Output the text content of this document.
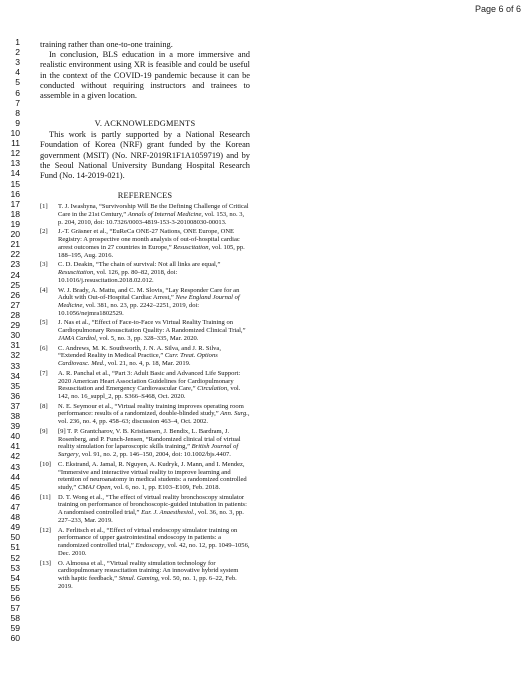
Page 6 of 6
1
2
3
4
5
6
7
8
9
10
11
12
13
14
15
16
17
18
19
20
21
22
23
24
25
26
27
28
29
30
31
32
33
34
35
36
37
38
39
40
41
42
43
44
45
46
47
48
49
50
51
52
53
54
55
56
57
58
59
60

training rather than one-to-one training.

In conclusion, BLS education in a more immersive and realistic environment using XR is feasible and could be useful in the context of the COVID-19 pandemic because it can be conducted without requiring instructors and trainees to assemble in a given location.

V. ACKNOWLEDGMENTS

This work is partly supported by a National Research Foundation of Korea (NRF) grant funded by the Korean government (MSIT) (No. NRF-2019R1F1A1059719) and by the Seoul National University Bundang Hospital Research Fund (No. 14-2019-021).

REFERENCES

[1] T. J. Iwashyna, “Survivorship Will Be the Defining Challenge of Critical Care in the 21st Century,” Annals of Internal Medicine, vol. 153, no. 3, p. 204, 2010, doi: 10.7326/0003-4819-153-3-201008030-00013.

[2] J.-T. Gräsner et al., “EuReCa ONE-27 Nations, ONE Europe, ONE Registry: A prospective one month analysis of out-of-hospital cardiac arrest outcomes in 27 countries in Europe,” Resuscitation, vol. 105, pp. 188–195, Aug. 2016.

[3] C. D. Deakin, “The chain of survival: Not all links are equal,” Resuscitation, vol. 126, pp. 80–82, 2018, doi: 10.1016/j.resuscitation.2018.02.012.

[4] W. J. Brady, A. Mattu, and C. M. Slovis, “Lay Responder Care for an Adult with Out-of-Hospital Cardiac Arrest,” New England Journal of Medicine, vol. 381, no. 23, pp. 2242–2251, 2019, doi: 10.1056/nejmra1802529.

[5] J. Nas et al., “Effect of Face-to-Face vs Virtual Reality Training on Cardiopulmonary Resuscitation Quality: A Randomized Clinical Trial,” JAMA Cardiol, vol. 5, no. 3, pp. 328–335, Mar. 2020.

[6] C. Andrews, M. K. Southworth, J. N. A. Silva, and J. R. Silva, “Extended Reality in Medical Practice,” Curr. Treat. Options Cardiovasc. Med., vol. 21, no. 4, p. 18, Mar. 2019.

[7] A. R. Panchal et al., “Part 3: Adult Basic and Advanced Life Support: 2020 American Heart Association Guidelines for Cardiopulmonary Resuscitation and Emergency Cardiovascular Care,” Circulation, vol. 142, no. 16_suppl_2, pp. S366–S468, Oct. 2020.

[8] N. E. Seymour et al., “Virtual reality training improves operating room performance: results of a randomized, double-blinded study,” Ann. Surg., vol. 236, no. 4, pp. 458–63; discussion 463–4, Oct. 2002.

[9] [9] T. P. Grantcharov, V. B. Kristiansen, J. Bendix, L. Bardram, J. Rosenberg, and P. Funch-Jensen, “Randomized clinical trial of virtual reality simulation for laparoscopic skills training,” British Journal of Surgery, vol. 91, no. 2, pp. 146–150, 2004, doi: 10.1002/bjs.4407.

[10] C. Ekstrand, A. Jamal, R. Nguyen, A. Kudryk, J. Mann, and I. Mendez, “Immersive and interactive virtual reality to improve learning and retention of neuroanatomy in medical students: a randomized controlled study,” CMAJ Open, vol. 6, no. 1, pp. E103–E109, Feb. 2018.

[11] D. T. Wong et al., “The effect of virtual reality bronchoscopy simulator training on performance of bronchoscopic-guided intubation in patients: A randomised controlled trial,” Eur. J. Anaesthesiol., vol. 36, no. 3, pp. 227–233, Mar. 2019.

[12] A. Ferlitsch et al., “Effect of virtual endoscopy simulator training on performance of upper gastrointestinal endoscopy in patients: a randomized controlled trial,” Endoscopy, vol. 42, no. 12, pp. 1049–1056, Dec. 2010.

[13] O. Almousa et al., “Virtual reality simulation technology for cardiopulmonary resuscitation training: An innovative hybrid system with haptic feedback,” Simul. Gaming, vol. 50, no. 1, pp. 6–22, Feb. 2019.
